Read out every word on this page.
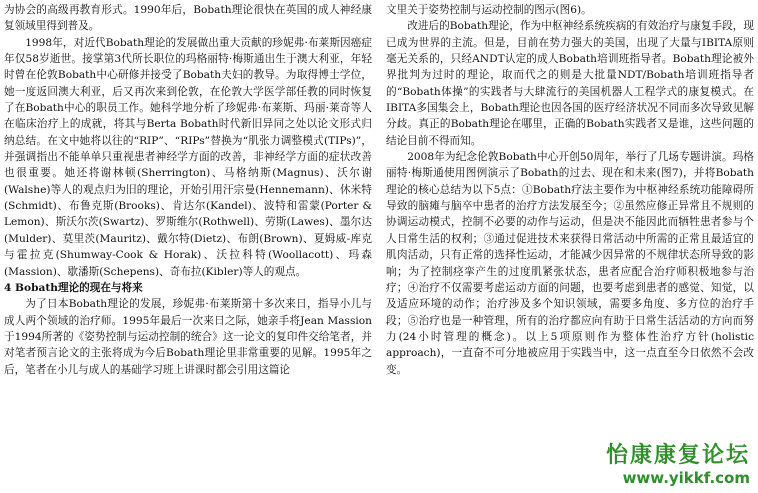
为协会的高级再教育形式。1990年后，Bobath理论很快在英国的成人神经康复领域里得到普及。

1998年，对近代Bobath理论的发展做出重大贡献的珍妮弗·布莱斯因癌症年仅58岁逝世。接掌第3代所长职位的玛格丽特·梅斯通出生于澳大利亚，年轻时曾在伦敦Bobath中心研修并接受了Bobath夫妇的教导。为取得博士学位，她一度返回澳大利亚，后又再次来到伦敦，在伦敦大学医学部任教的同时恢复了在Bobath中心的职员工作。她科学地分析了珍妮弗·布莱斯、玛丽·莱奇等人在临床治疗上的成就，将其与Berta Bobath时代新旧异同之处以论文形式归纳总结。在文中她将以往的“RIP”、“RIPs”替换为“肌张力调整模式(TIPs)”，并强调指出不能单单只重视患者神经学方面的改善，非神经学方面的症状改善也很重要。她还将谢林顿(Sherrington)、马格纳斯(Magnus)、沃尔谢(Walshe)等人的观点归为旧的理论，开始引用汗宗曼(Hennemann)、休米特(Schmidt)、布鲁克斯(Brooks)、肯达尔(Kandel)、波特和雷蒙(Porter & Lemon)、斯沃尔茨(Swartz)、罗斯维尔(Rothwell)、劳斯(Lawes)、墨尔达(Mulder)、莫里茨(Mauritz)、戴尔特(Dietz)、布朗(Brown)、夏姆威-库克与霍拉克(Shumway-Cook & Horak)、沃拉科特(Woollacott)、玛森(Massion)、歇潘斯(Schepens)、奇布拉(Kibler)等人的观点。

4 Bobath理论的现在与将来

为了日本Bobath理论的发展，珍妮弗·布莱斯第十多次来日，指导小儿与成人两个领域的治疗师。1995年最后一次来日之际，她亲手将Jean Massion于1994所著的《姿势控制与运动控制的统合》这一论文的复印件交给笔者，并对笔者预言论文的主张将成为今后Bobath理论里非常重要的见解。1995年之后，笔者在小儿与成人的基础学习班上讲课时都会引用这篇论

文里关于姿势控制与运动控制的图示(图6)。

改进后的Bobath理论，作为中枢神经系统疾病的有效治疗与康复手段，现已成为世界的主流。但是，目前在势力强大的美国，出现了大量与IBITA原则毫无关系的，只经ANDT认定的成人Bobath培训班指导者。Bobath理论被外界批判为过时的理论，取而代之的则是大批量NDT/Bobath培训班指导者的“Bobath体操”的实践者与大肆流行的美国机器人工程学式的康复模式。在IBITA多国集会上，Bobath理论也因各国的医疗经济状况不同而多次导致见解分歧。真正的Bobath理论在哪里，正确的Bobath实践者又是谁，这些问题的结论目前不得而知。

2008年为纪念伦敦Bobath中心开创50周年，举行了几场专题讲演。玛格丽特·梅斯通使用图例演示了Bobath的过去、现在和未来(图7)，并将Bobath理论的核心总结为以下5点：①Bobath疗法主要作为中枢神经系统功能障碍所导致的脑瘫与脑卒中患者的治疗方法发展至今；②虽然应修正异常且不规则的协调运动模式，控制不必要的动作与运动，但是决不能因此而牺牲患者参与个人日常生活的权利；③通过促进技术来获得日常活动中所需的正常且最适宜的肌肉活动，只有正常的选择性运动，才能减少因异常的不规律状态所导致的影响；为了控制痉挛产生的过度肌紧张状态，患者应配合治疗师积极地参与治疗；④治疗不仅需要考虑运动方面的问题，也要考虑到患者的感觉、知觉，以及适应环境的动作；治疗涉及多个知识领域，需要多角度、多方位的治疗手段；⑤治疗也是一种管理，所有的治疗都应向有助于日常生活活动的方向而努力(24小时管理的概念)。以上5项原则作为整体性治疗方针(holistic approach)，一直奋不可分地被应用于实践当中，这一点直至今日依然不会改变。

怡康康复论坛
www.yikkf.com
